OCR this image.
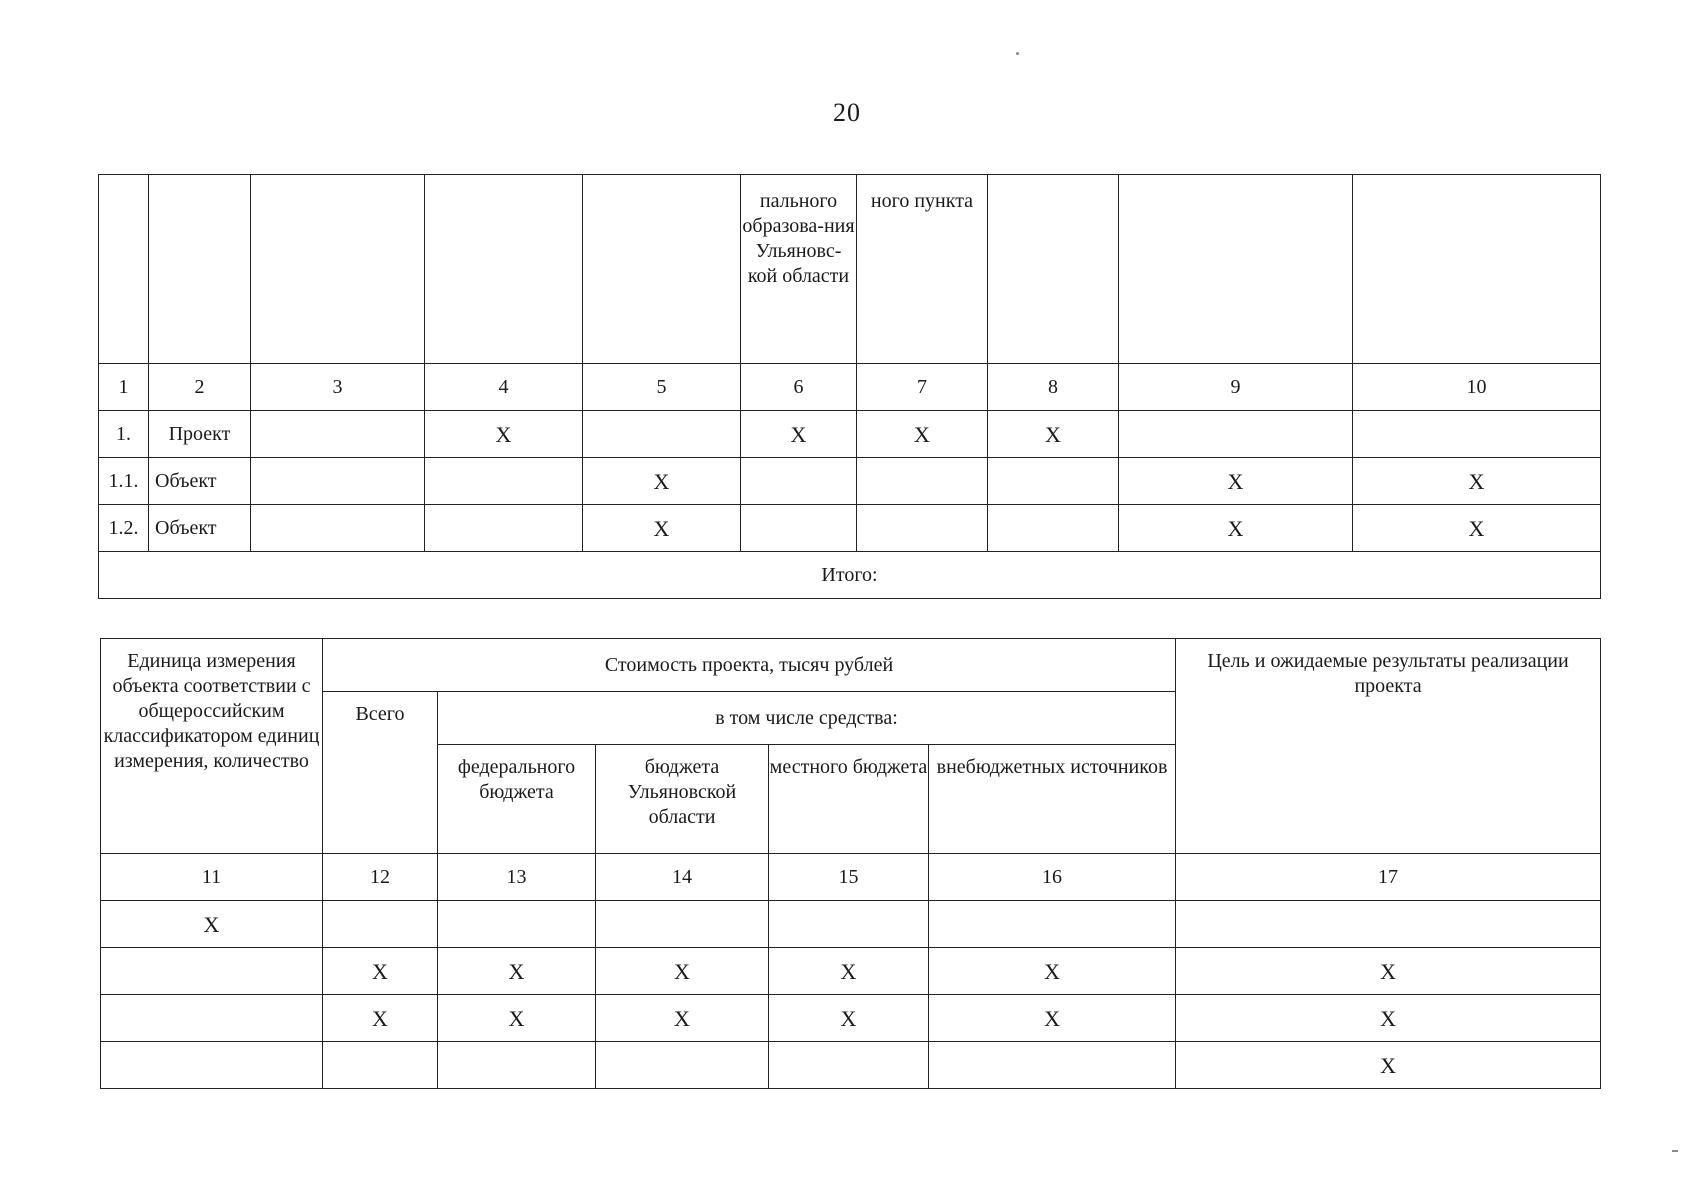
20
					пального образова-ния Ульяновс-кой области	ного пункта			
1	2	3	4	5	6	7	8	9	10
1.	Проект		X		X	X	X		
1.1.	Объект			X				X	X
1.2.	Объект			X				X	X
Итого:									
Единица измерения объекта соответствии с общероссийским классификатором единиц измерения, количество	Стоимость проекта, тысяч рублей					Цель и ожидаемые результаты реализации проекта
	Всего	в том числе средства:				
		федерального бюджета	бюджета Ульяновской области	местного бюджета	внебюджетных источников	
11	12	13	14	15	16	17
X						
	X	X	X	X	X	X
	X	X	X	X	X	X
						X
